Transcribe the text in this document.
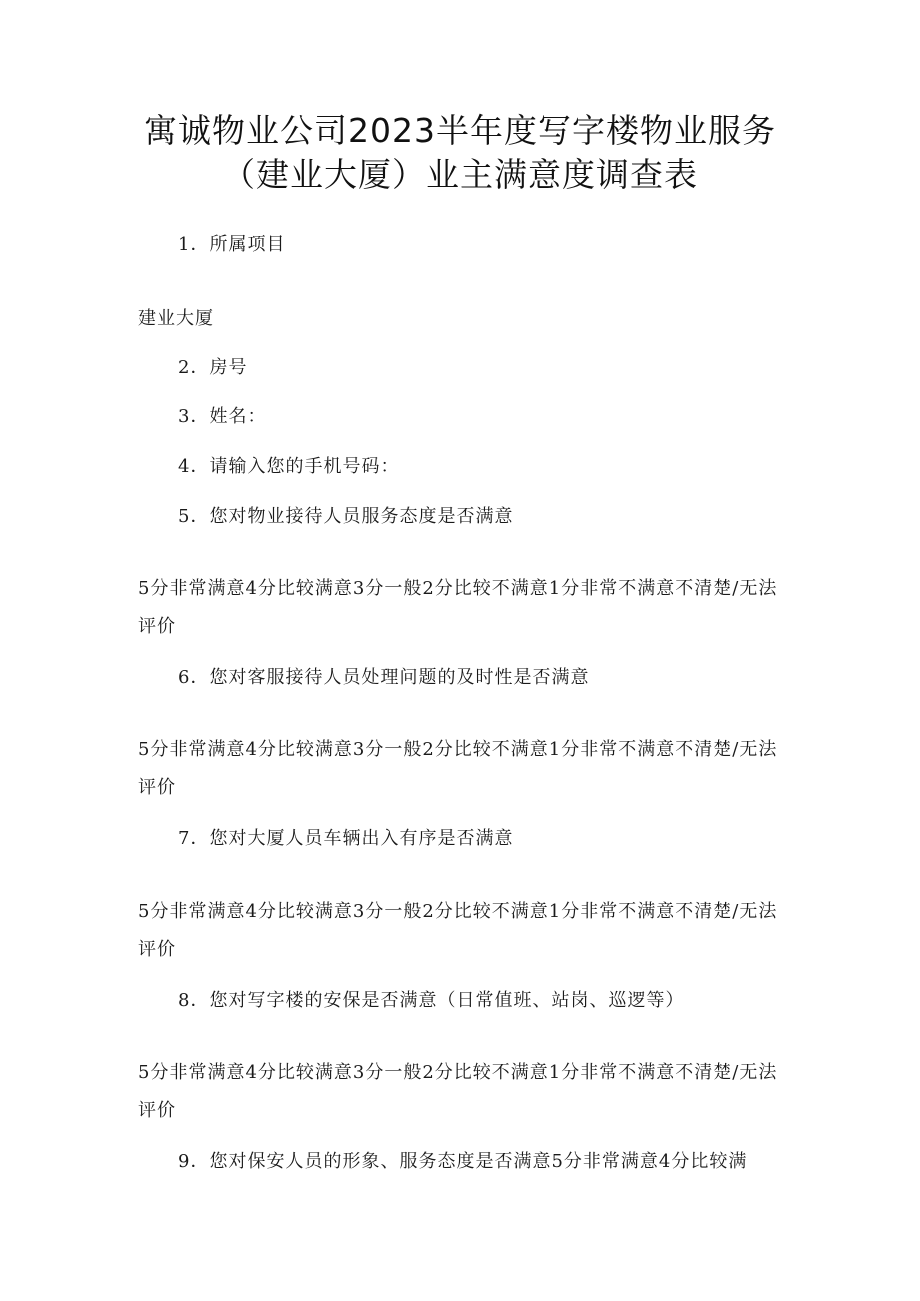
寓诚物业公司2023半年度写字楼物业服务
（建业大厦）业主满意度调查表
1．所属项目
建业大厦
2．房号
3．姓名：
4．请输入您的手机号码：
5．您对物业接待人员服务态度是否满意
5分非常满意4分比较满意3分一般2分比较不满意1分非常不满意不清楚/无法评价
6．您对客服接待人员处理问题的及时性是否满意
5分非常满意4分比较满意3分一般2分比较不满意1分非常不满意不清楚/无法评价
7．您对大厦人员车辆出入有序是否满意
5分非常满意4分比较满意3分一般2分比较不满意1分非常不满意不清楚/无法评价
8．您对写字楼的安保是否满意（日常值班、站岗、巡逻等）
5分非常满意4分比较满意3分一般2分比较不满意1分非常不满意不清楚/无法评价
9．您对保安人员的形象、服务态度是否满意5分非常满意4分比较满
